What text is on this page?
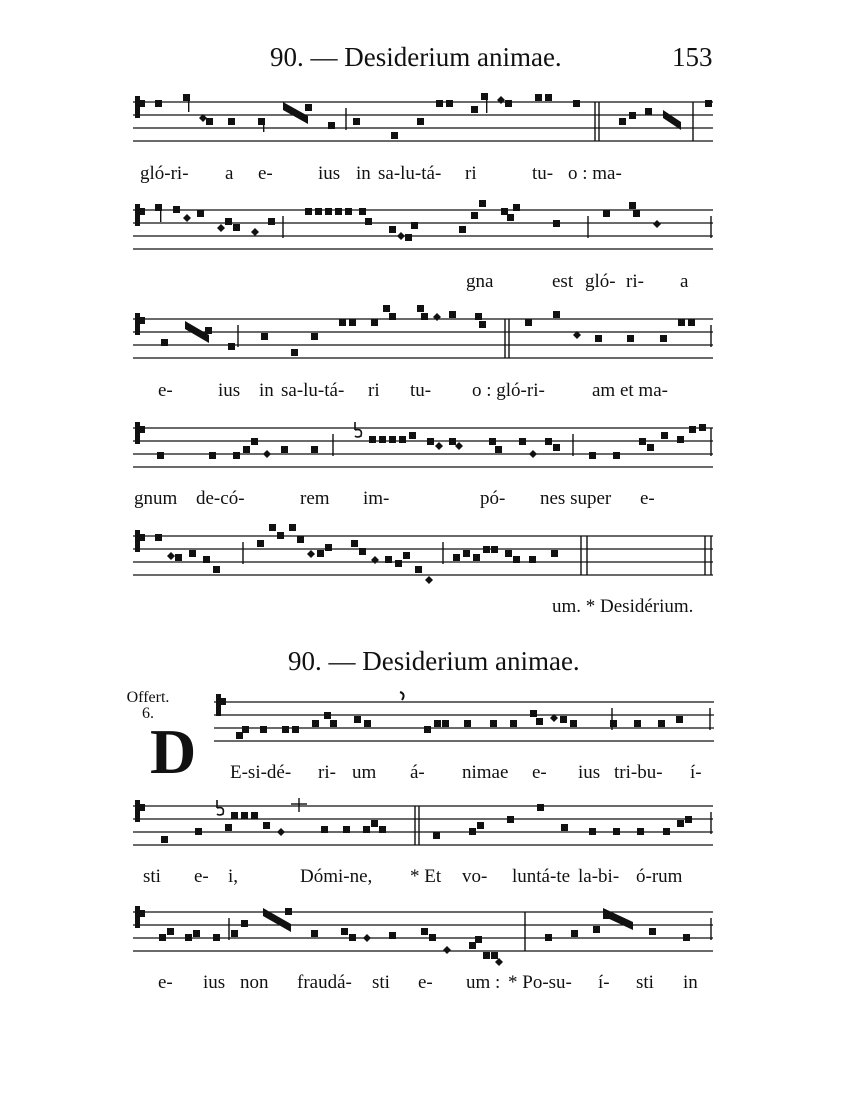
90. — Desiderium animae.	153
gló-ri- a e- ius in sa-lu-tá- ri	tu- o : ma-
gna	est gló- ri- a
e- ius in sa-lu-tá- ri tu- o : gló-ri- am et ma-
gnum de-có-	rem im-	pó- nes super e-
um. * Desidérium.
90. — Desiderium animae.
Offert.
6.
D E-si-dé- ri- um á- nimae e- ius tri-bu- í-
sti e- i,	Dómi-ne, * Et vo- luntá-te la-bi- ó-rum
e- ius non fraudá- sti e- um : * Po-su- í- sti in
